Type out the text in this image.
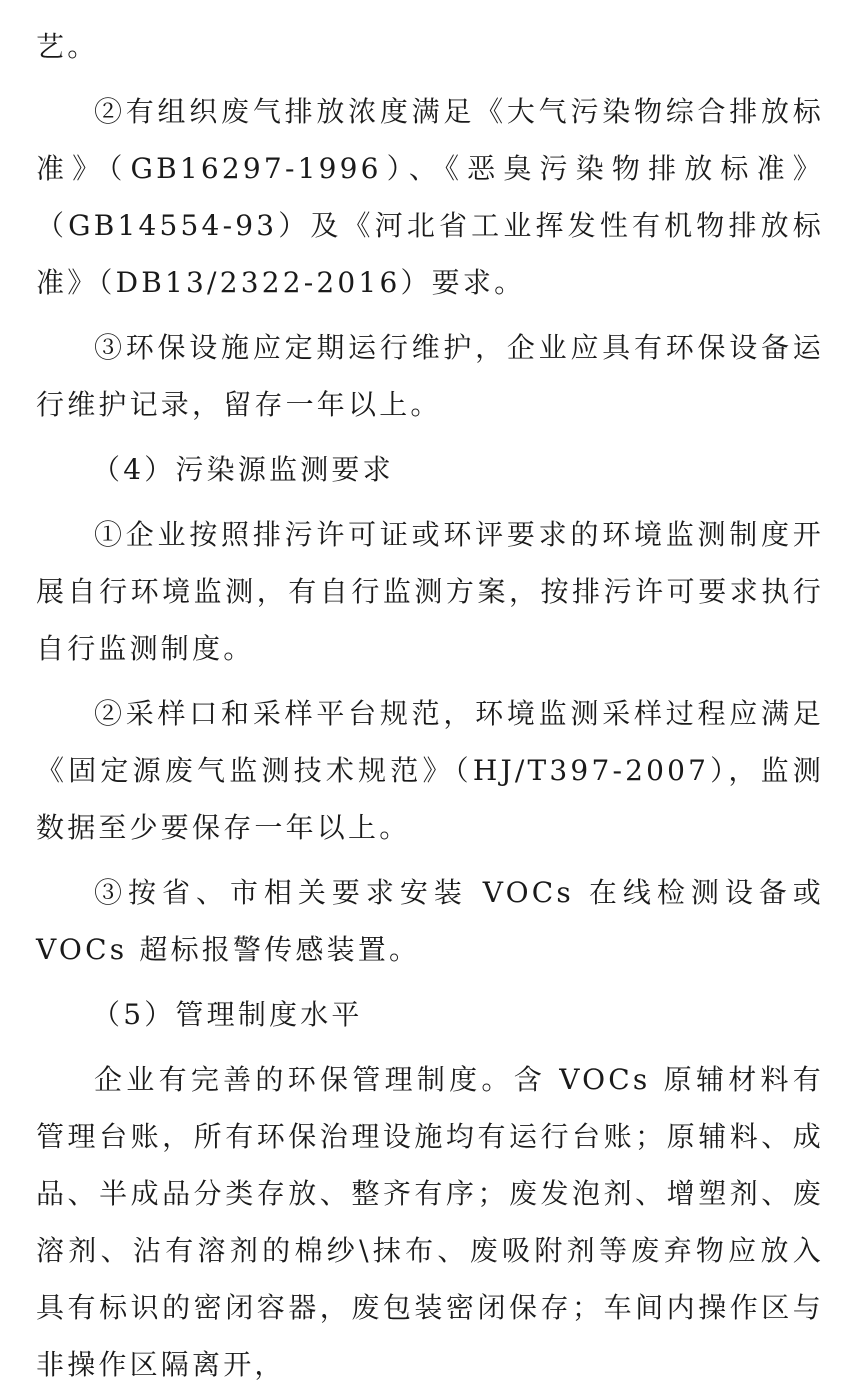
艺。

②有组织废气排放浓度满足《大气污染物综合排放标准》（GB16297-1996）、《恶臭污染物排放标准》（GB14554-93）及《河北省工业挥发性有机物排放标准》（DB13/2322-2016）要求。

③环保设施应定期运行维护，企业应具有环保设备运行维护记录，留存一年以上。

（4）污染源监测要求

①企业按照排污许可证或环评要求的环境监测制度开展自行环境监测，有自行监测方案，按排污许可要求执行自行监测制度。

②采样口和采样平台规范，环境监测采样过程应满足《固定源废气监测技术规范》（HJ/T397-2007），监测数据至少要保存一年以上。

③按省、市相关要求安装 VOCs 在线检测设备或 VOCs 超标报警传感装置。

（5）管理制度水平

企业有完善的环保管理制度。含 VOCs 原辅材料有管理台账，所有环保治理设施均有运行台账；原辅料、成品、半成品分类存放、整齐有序；废发泡剂、增塑剂、废溶剂、沾有溶剂的棉纱\抹布、废吸附剂等废弃物应放入具有标识的密闭容器，废包装密闭保存；车间内操作区与非操作区隔离开，
